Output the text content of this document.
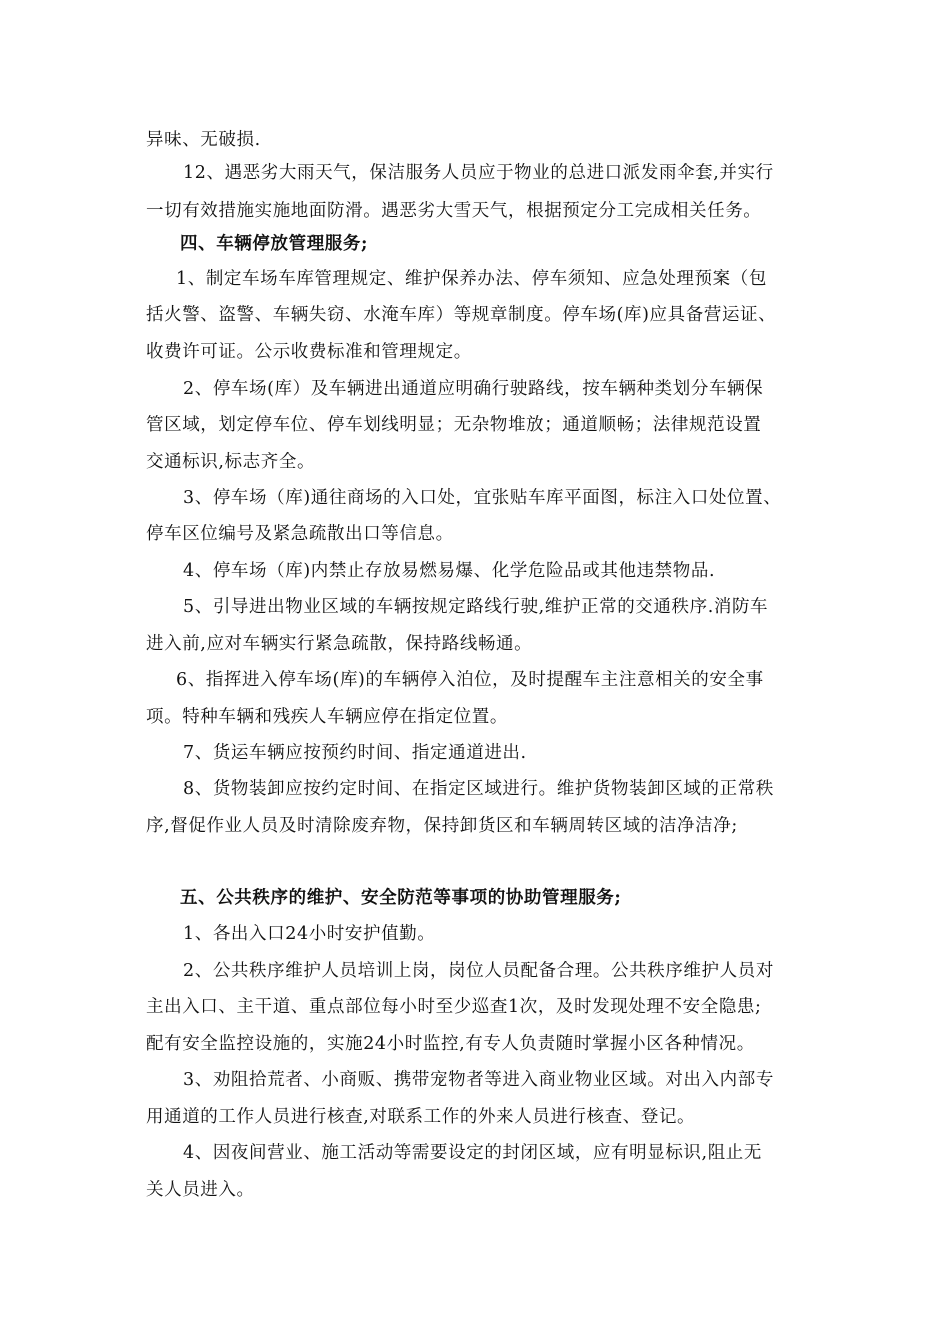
异味、无破损.
12、遇恶劣大雨天气，保洁服务人员应于物业的总进口派发雨伞套,并实行
一切有效措施实施地面防滑。遇恶劣大雪天气，根据预定分工完成相关任务。
四、车辆停放管理服务;
1、制定车场车库管理规定、维护保养办法、停车须知、应急处理预案（包
括火警、盗警、车辆失窃、水淹车库）等规章制度。停车场(库)应具备营运证、
收费许可证。公示收费标准和管理规定。
2、停车场(库）及车辆进出通道应明确行驶路线，按车辆种类划分车辆保
管区域，划定停车位、停车划线明显；无杂物堆放；通道顺畅；法律规范设置
交通标识,标志齐全。
3、停车场（库)通往商场的入口处，宜张贴车库平面图，标注入口处位置、
停车区位编号及紧急疏散出口等信息。
4、停车场（库)内禁止存放易燃易爆、化学危险品或其他违禁物品.
5、引导进出物业区域的车辆按规定路线行驶,维护正常的交通秩序.消防车
进入前,应对车辆实行紧急疏散，保持路线畅通。
6、指挥进入停车场(库)的车辆停入泊位，及时提醒车主注意相关的安全事
项。特种车辆和残疾人车辆应停在指定位置。
7、货运车辆应按预约时间、指定通道进出.
8、货物装卸应按约定时间、在指定区域进行。维护货物装卸区域的正常秩
序,督促作业人员及时清除废弃物，保持卸货区和车辆周转区域的洁净洁净;
五、公共秩序的维护、安全防范等事项的协助管理服务;
1、各出入口24小时安护值勤。
2、公共秩序维护人员培训上岗，岗位人员配备合理。公共秩序维护人员对
主出入口、主干道、重点部位每小时至少巡查1次，及时发现处理不安全隐患;
配有安全监控设施的，实施24小时监控,有专人负责随时掌握小区各种情况。
3、劝阻拾荒者、小商贩、携带宠物者等进入商业物业区域。对出入内部专
用通道的工作人员进行核查,对联系工作的外来人员进行核查、登记。
4、因夜间营业、施工活动等需要设定的封闭区域，应有明显标识,阻止无
关人员进入。
